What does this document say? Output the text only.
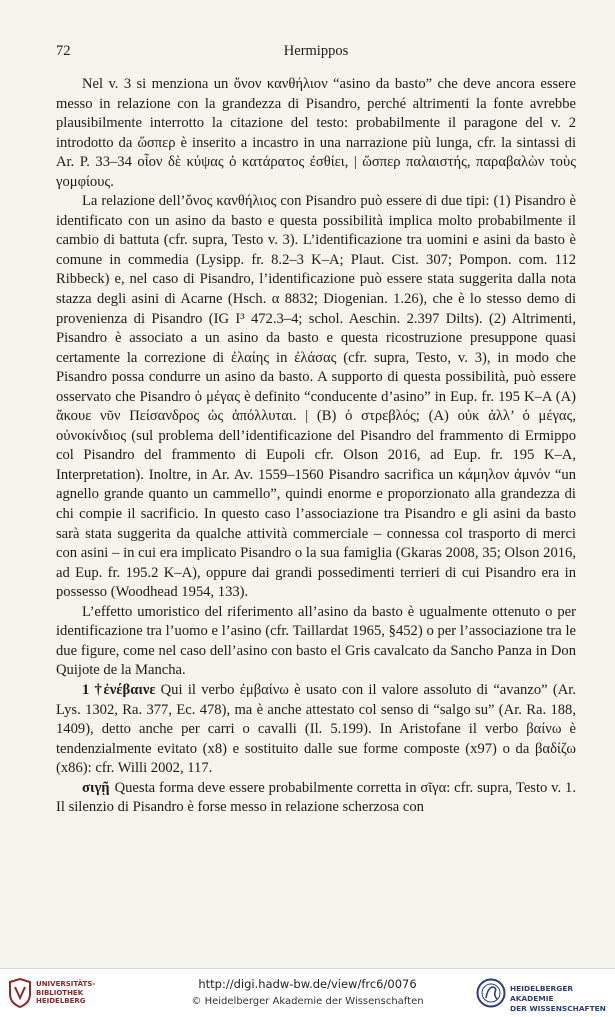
72	Hermippos

Nel v. 3 si menziona un ὄνον κανθήλιον “asino da basto” che deve ancora essere messo in relazione con la grandezza di Pisandro, perché altrimenti la fonte avrebbe plausibilmente interrotto la citazione del testo: probabilmente il paragone del v. 2 introdotto da ὥσπερ è inserito a incastro in una narrazione più lunga, cfr. la sintassi di Ar. P. 33–34 οἷον δὲ κύψας ὁ κατάρατος ἐσθίει, | ὥσπερ παλαιστής, παραβαλὼν τοὺς γομφίους.

La relazione dell’ὄνος κανθήλιος con Pisandro può essere di due tipi: (1) Pisandro è identificato con un asino da basto e questa possibilità implica molto probabilmente il cambio di battuta (cfr. supra, Testo v. 3). L’identificazione tra uomini e asini da basto è comune in commedia (Lysipp. fr. 8.2–3 K–A; Plaut. Cist. 307; Pompon. com. 112 Ribbeck) e, nel caso di Pisandro, l’identificazione può essere stata suggerita dalla nota stazza degli asini di Acarne (Hsch. α 8832; Diogenian. 1.26), che è lo stesso demo di provenienza di Pisandro (IG I³ 472.3–4; schol. Aeschin. 2.397 Dilts). (2) Altrimenti, Pisandro è associato a un asino da basto e questa ricostruzione presuppone quasi certamente la correzione di ἐλαίης in ἐλάσας (cfr. supra, Testo, v. 3), in modo che Pisandro possa condurre un asino da basto. A supporto di questa possibilità, può essere osservato che Pisandro ὁ μέγας è definito “conducente d’asino” in Eup. fr. 195 K–A (A) ἄκουε νῦν Πείσανδρος ὡς ἀπόλλυται. | (B) ὁ στρεβλός; (A) οὐκ ἀλλ’ ὁ μέγας, οὐνοκίνδιος (sul problema dell’identificazione del Pisandro del frammento di Ermippo col Pisandro del frammento di Eupoli cfr. Olson 2016, ad Eup. fr. 195 K–A, Interpretation). Inoltre, in Ar. Av. 1559–1560 Pisandro sacrifica un κάμηλον ἀμνόν “un agnello grande quanto un cammello”, quindi enorme e proporzionato alla grandezza di chi compie il sacrificio. In questo caso l’associazione tra Pisandro e gli asini da basto sarà stata suggerita da qualche attività commerciale – connessa col trasporto di merci con asini – in cui era implicato Pisandro o la sua famiglia (Gkaras 2008, 35; Olson 2016, ad Eup. fr. 195.2 K–A), oppure dai grandi possedimenti terrieri di cui Pisandro era in possesso (Woodhead 1954, 133).

L’effetto umoristico del riferimento all’asino da basto è ugualmente ottenuto o per identificazione tra l’uomo e l’asino (cfr. Taillardat 1965, §452) o per l’associazione tra le due figure, come nel caso dell’asino con basto el Gris cavalcato da Sancho Panza in Don Quijote de la Mancha.

1 †ἐνέβαινε Qui il verbo ἐμβαίνω è usato con il valore assoluto di “avanzo” (Ar. Lys. 1302, Ra. 377, Ec. 478), ma è anche attestato col senso di “salgo su” (Ar. Ra. 188, 1409), detto anche per carri o cavalli (Il. 5.199). In Aristofane il verbo βαίνω è tendenzialmente evitato (x8) e sostituito dalle sue forme composte (x97) o da βαδίζω (x86): cfr. Willi 2002, 117.

σιγῇ Questa forma deve essere probabilmente corretta in σῖγα: cfr. supra, Testo v. 1. Il silenzio di Pisandro è forse messo in relazione scherzosa con

UNIVERSITÄTS-
BIBLIOTHEK
HEIDELBERG
http://digi.hadw-bw.de/view/frc6/0076
© Heidelberger Akademie der Wissenschaften
HEIDELBERGER AKADEMIE
DER WISSENSCHAFTEN
